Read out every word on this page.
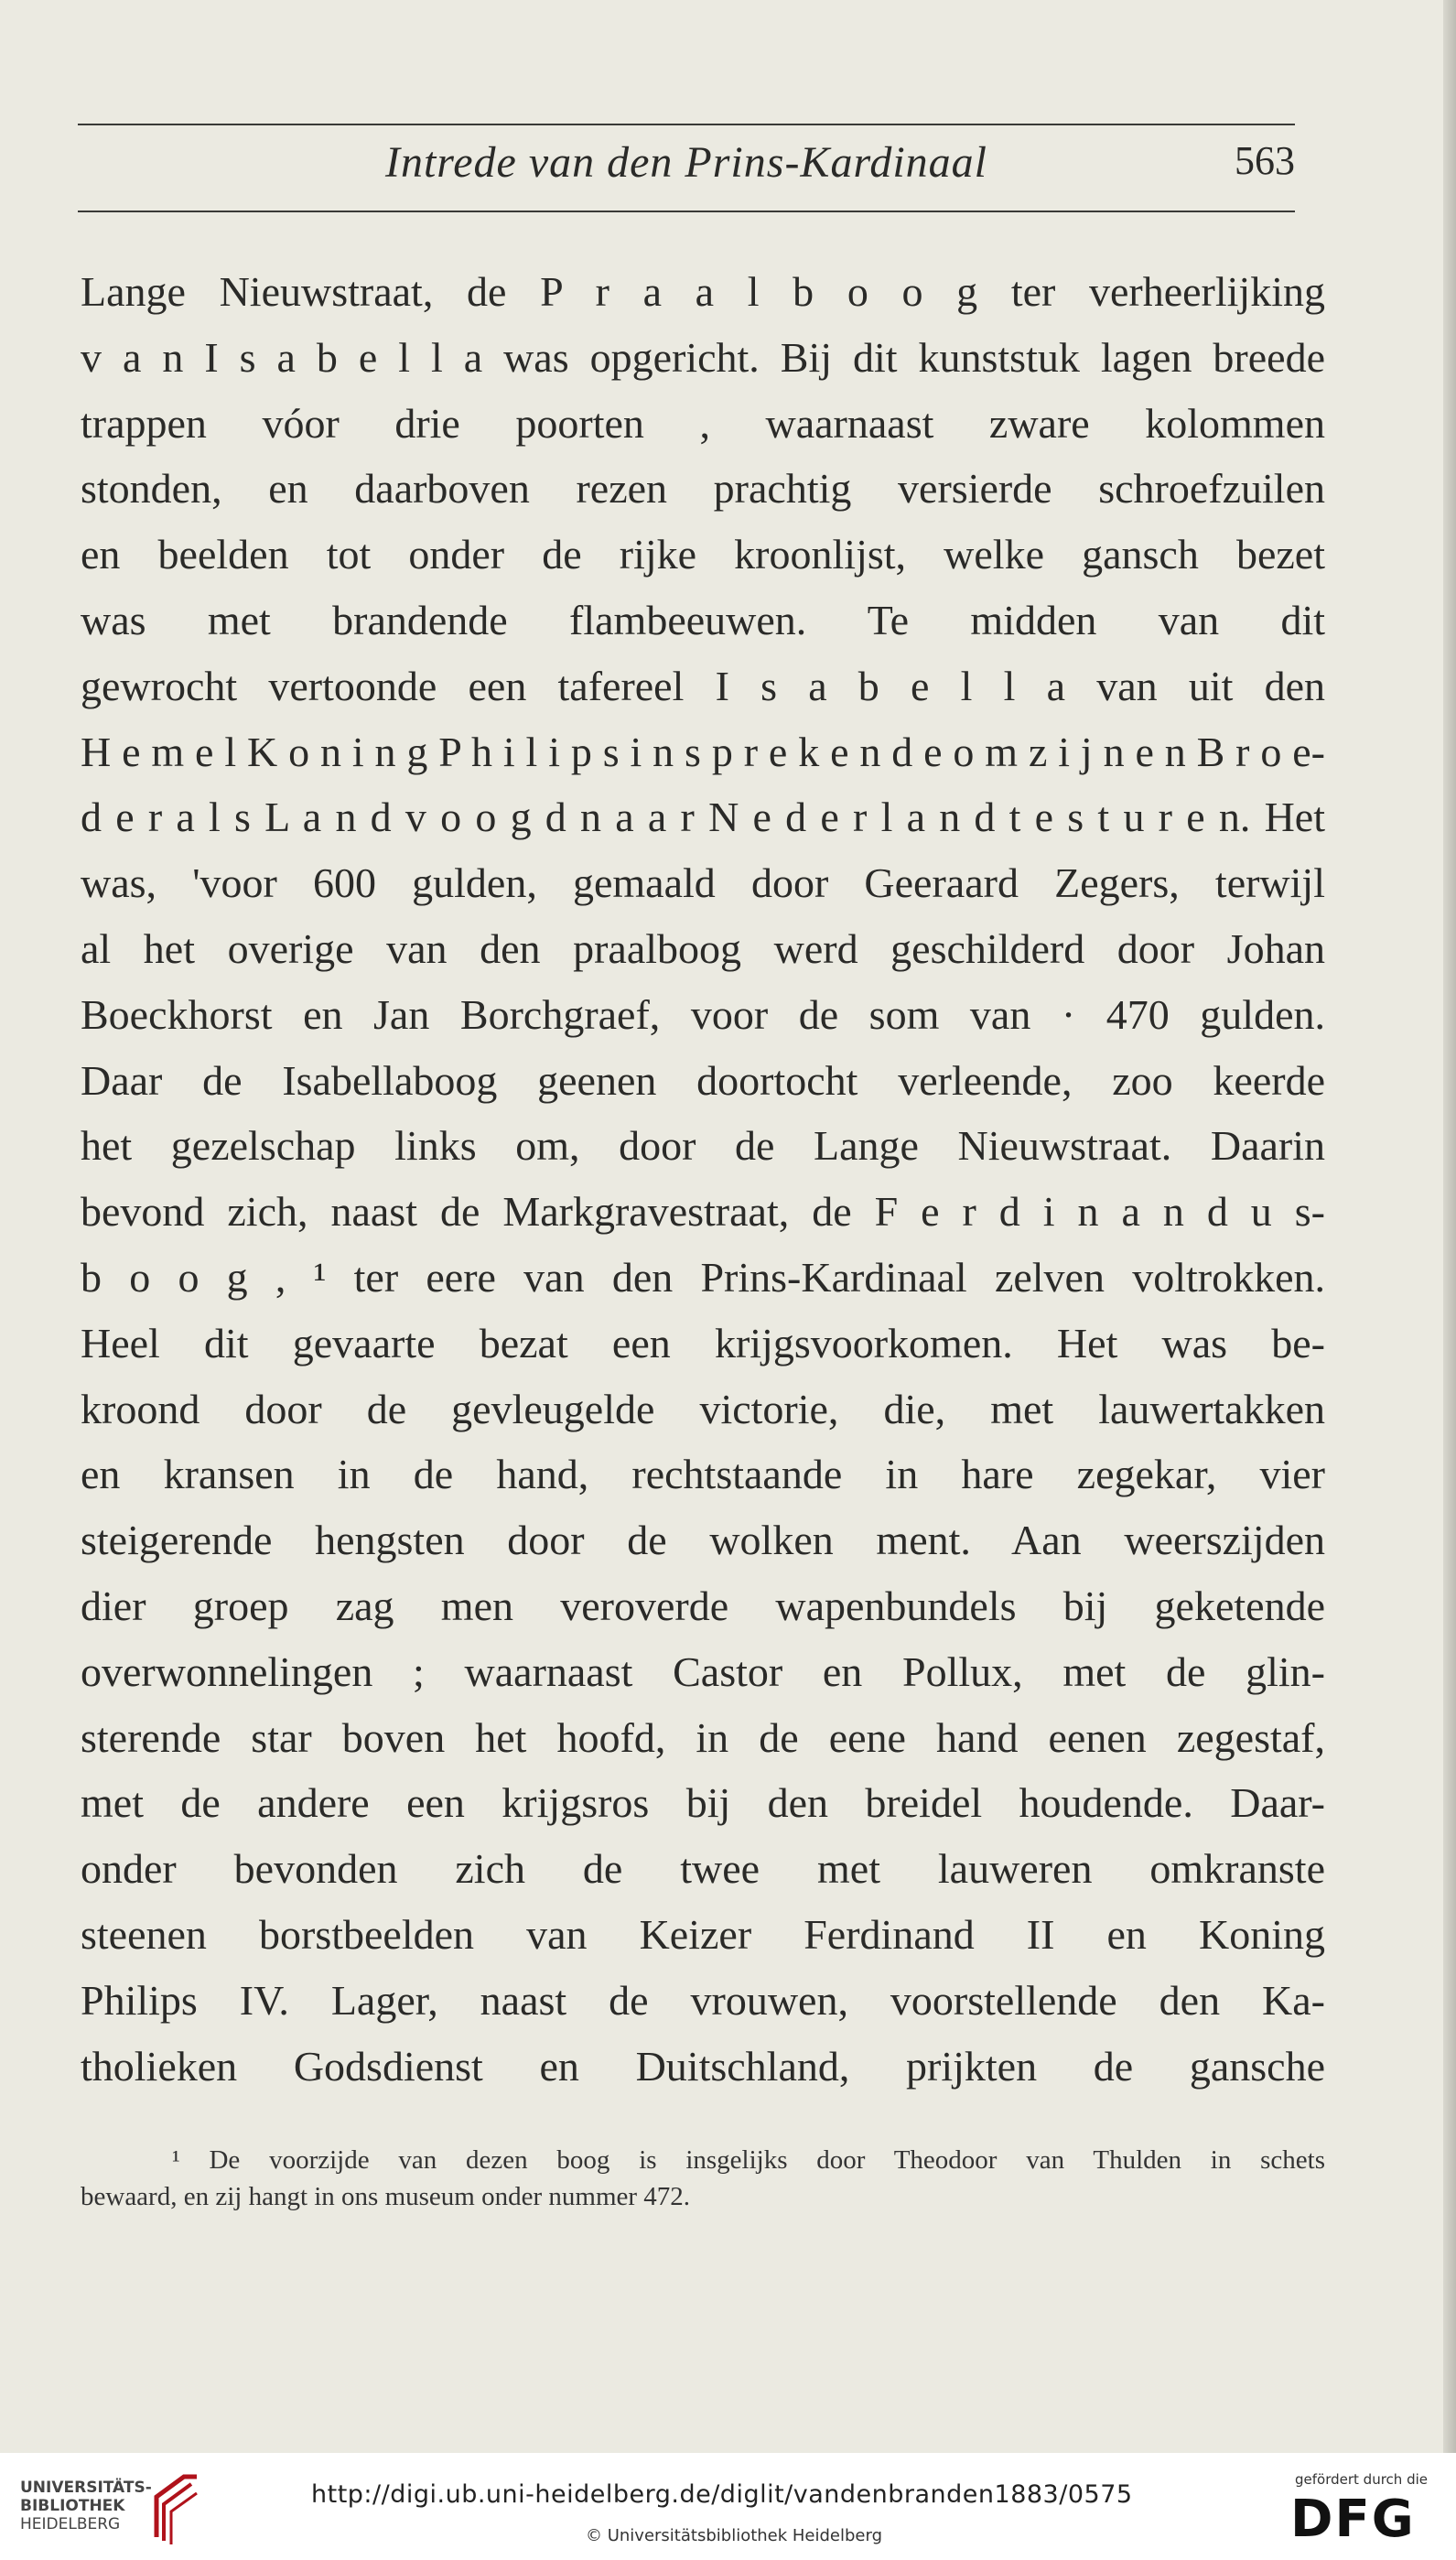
Intrede van den Prins-Kardinaal	563
Lange Nieuwstraat, de P r a a l b o o g ter verheerlijking
v a n I s a b e l l a was opgericht. Bij dit kunststuk lagen breede
trappen vóor drie poorten , waarnaast zware kolommen
stonden, en daarboven rezen prachtig versierde schroefzuilen
en beelden tot onder de rijke kroonlijst, welke gansch bezet
was met brandende flambeeuwen. Te midden van dit
gewrocht vertoonde een tafereel I s a b e l l a van uit den
H e m e l K o n i n g P h i l i p s i n s p r e k e n d e o m z i j n e n B r o e-
d e r a l s L a n d v o o g d n a a r N e d e r l a n d t e s t u r e n. Het
was, 'voor 600 gulden, gemaald door Geeraard Zegers, terwijl
al het overige van den praalboog werd geschilderd door Johan
Boeckhorst en Jan Borchgraef, voor de som van · 470 gulden.
Daar de Isabellaboog geenen doortocht verleende, zoo keerde
het gezelschap links om, door de Lange Nieuwstraat. Daarin
bevond zich, naast de Markgravestraat, de F e r d i n a n d u s-
b o o g , ¹ ter eere van den Prins-Kardinaal zelven voltrokken.
Heel dit gevaarte bezat een krijgsvoorkomen. Het was be-
kroond door de gevleugelde victorie, die, met lauwertakken
en kransen in de hand, rechtstaande in hare zegekar, vier
steigerende hengsten door de wolken ment. Aan weerszijden
dier groep zag men veroverde wapenbundels bij geketende
overwonnelingen ; waarnaast Castor en Pollux, met de glin-
sterende star boven het hoofd, in de eene hand eenen zegestaf,
met de andere een krijgsros bij den breidel houdende. Daar-
onder bevonden zich de twee met lauweren omkranste
steenen borstbeelden van Keizer Ferdinand II en Koning
Philips IV. Lager, naast de vrouwen, voorstellende den Ka-
tholieken Godsdienst en Duitschland, prijkten de gansche
¹ De voorzijde van dezen boog is insgelijks door Theodoor van Thulden in schets
bewaard, en zij hangt in ons museum onder nummer 472.
UNIVERSITÄTS-
BIBLIOTHEK
HEIDELBERG
http://digi.ub.uni-heidelberg.de/diglit/vandenbranden1883/0575
© Universitätsbibliothek Heidelberg
gefördert durch die
DFG
